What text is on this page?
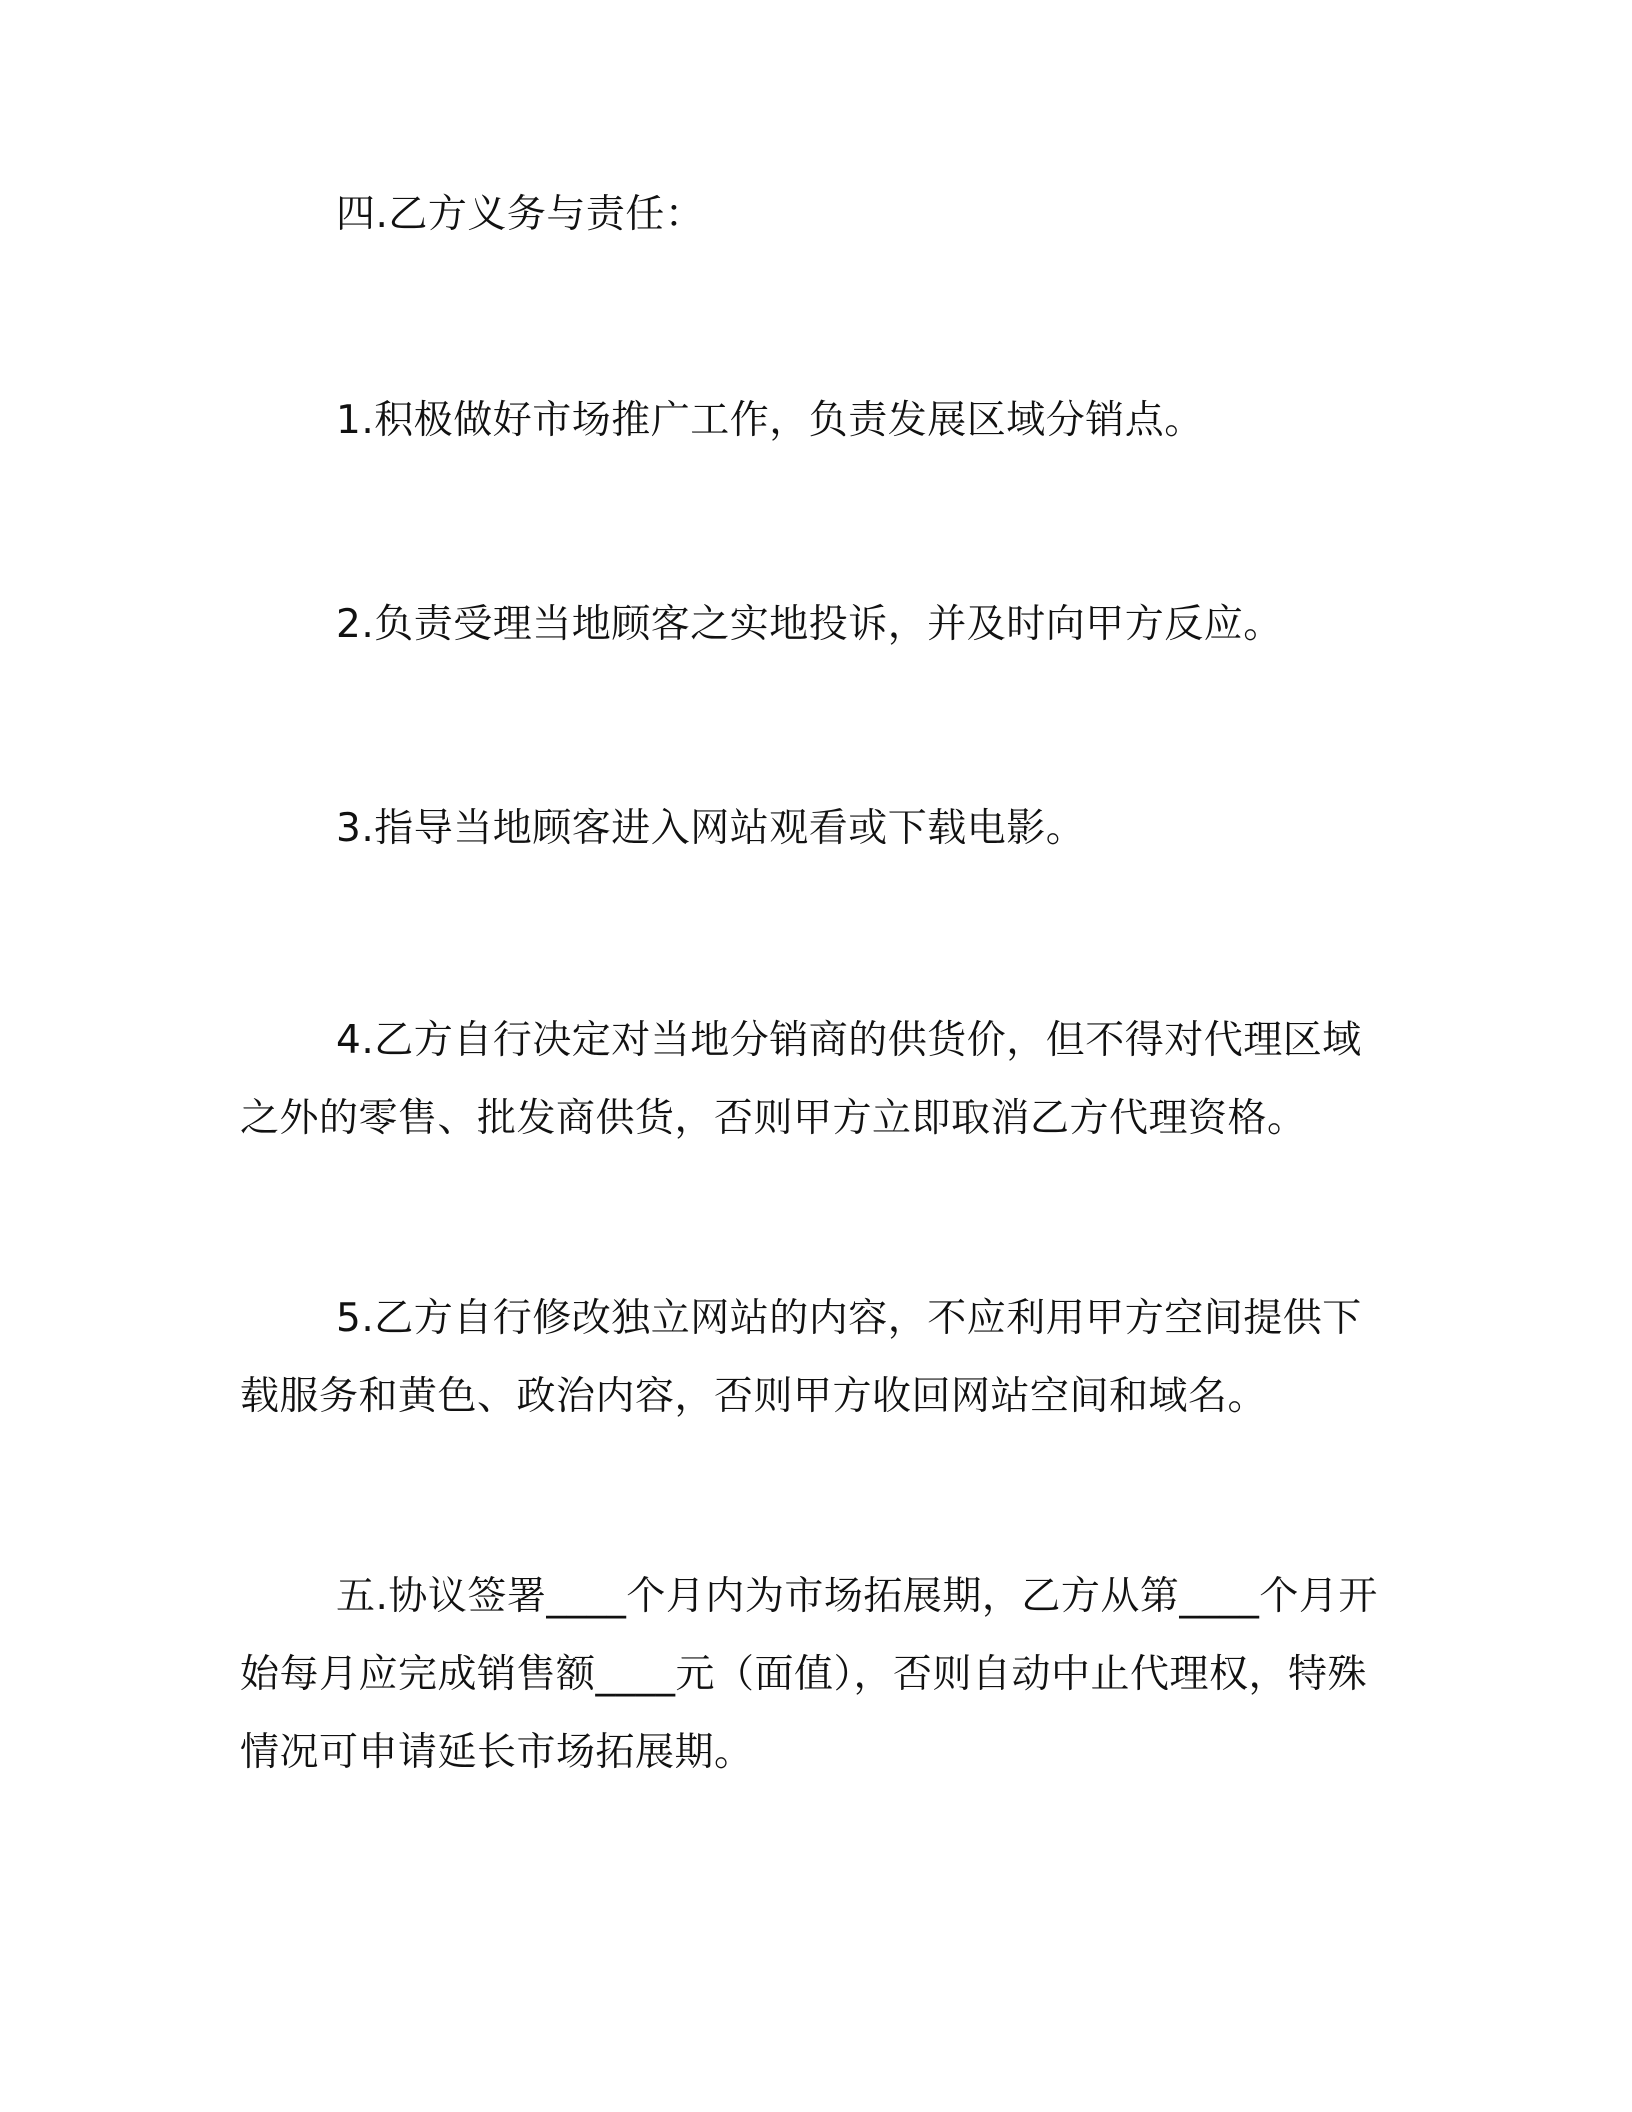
四.乙方义务与责任：

1.积极做好市场推广工作，负责发展区域分销点。

2.负责受理当地顾客之实地投诉，并及时向甲方反应。

3.指导当地顾客进入网站观看或下载电影。

4.乙方自行决定对当地分销商的供货价，但不得对代理区域之外的零售、批发商供货，否则甲方立即取消乙方代理资格。

5.乙方自行修改独立网站的内容，不应利用甲方空间提供下载服务和黄色、政治内容，否则甲方收回网站空间和域名。

五.协议签署____个月内为市场拓展期，乙方从第____个月开始每月应完成销售额____元（面值），否则自动中止代理权，特殊情况可申请延长市场拓展期。
